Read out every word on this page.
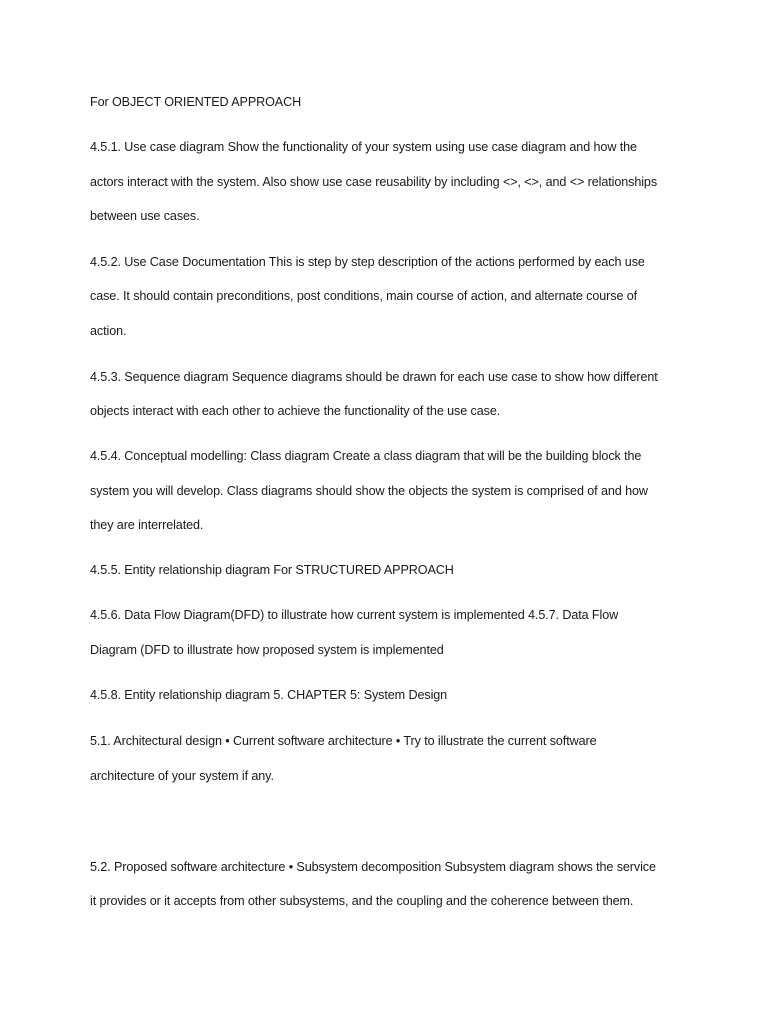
For OBJECT ORIENTED APPROACH
4.5.1. Use case diagram Show the functionality of your system using use case diagram and how the
actors interact with the system. Also show use case reusability by including <>, <>, and <> relationships
between use cases.
4.5.2. Use Case Documentation This is step by step description of the actions performed by each use
case. It should contain preconditions, post conditions, main course of action, and alternate course of
action.
4.5.3. Sequence diagram Sequence diagrams should be drawn for each use case to show how different
objects interact with each other to achieve the functionality of the use case.
4.5.4. Conceptual modelling: Class diagram Create a class diagram that will be the building block the
system you will develop. Class diagrams should show the objects the system is comprised of and how
they are interrelated.
4.5.5. Entity relationship diagram For STRUCTURED APPROACH
4.5.6. Data Flow Diagram(DFD) to illustrate how current system is implemented 4.5.7. Data Flow
Diagram (DFD to illustrate how proposed system is implemented
4.5.8. Entity relationship diagram 5. CHAPTER 5: System Design
5.1. Architectural design • Current software architecture • Try to illustrate the current software
architecture of your system if any.
5.2. Proposed software architecture • Subsystem decomposition Subsystem diagram shows the service
it provides or it accepts from other subsystems, and the coupling and the coherence between them.
